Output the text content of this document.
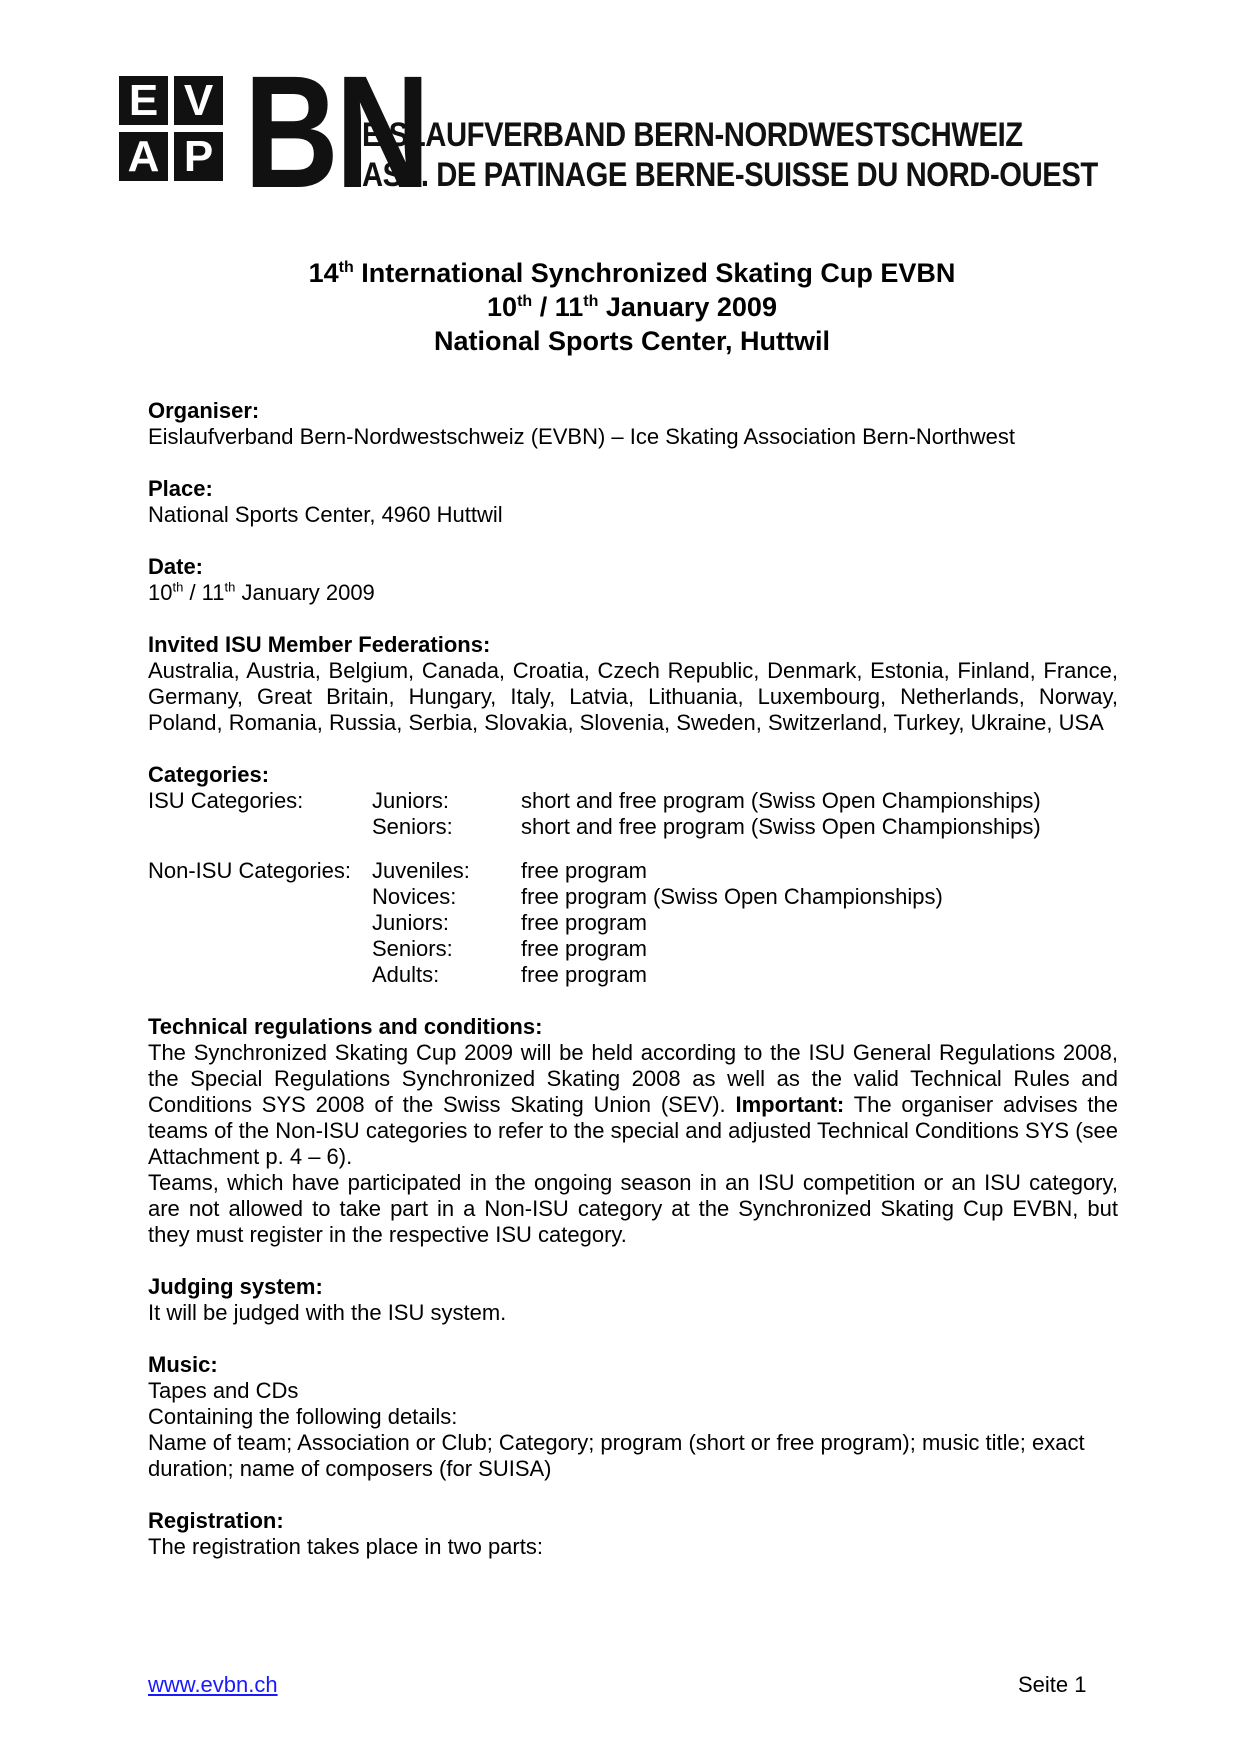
E V
A P BN
EISLAUFVERBAND BERN-NORDWESTSCHWEIZ
ASS. DE PATINAGE BERNE-SUISSE DU NORD-OUEST
14th International Synchronized Skating Cup EVBN
10th / 11th January 2009
National Sports Center, Huttwil
Organiser:
Eislaufverband Bern-Nordwestschweiz (EVBN) – Ice Skating Association Bern-Northwest
Place:
National Sports Center, 4960 Huttwil
Date:
10th / 11th January 2009
Invited ISU Member Federations:
Australia, Austria, Belgium, Canada, Croatia, Czech Republic, Denmark, Estonia, Finland, France, Germany, Great Britain, Hungary, Italy, Latvia, Lithuania, Luxembourg, Netherlands, Norway, Poland, Romania, Russia, Serbia, Slovakia, Slovenia, Sweden, Switzerland, Turkey, Ukraine, USA
Categories:
ISU Categories:	Juniors:	short and free program (Swiss Open Championships)
Seniors:	short and free program (Swiss Open Championships)
Non-ISU Categories: Juveniles:	free program
Novices:	free program (Swiss Open Championships)
Juniors:	free program
Seniors:	free program
Adults:	free program
Technical regulations and conditions:
The Synchronized Skating Cup 2009 will be held according to the ISU General Regulations 2008, the Special Regulations Synchronized Skating 2008 as well as the valid Technical Rules and Conditions SYS 2008 of the Swiss Skating Union (SEV). Important: The organiser advises the teams of the Non-ISU categories to refer to the special and adjusted Technical Conditions SYS (see Attachment p. 4 – 6).
Teams, which have participated in the ongoing season in an ISU competition or an ISU category, are not allowed to take part in a Non-ISU category at the Synchronized Skating Cup EVBN, but they must register in the respective ISU category.
Judging system:
It will be judged with the ISU system.
Music:
Tapes and CDs
Containing the following details:
Name of team; Association or Club; Category; program (short or free program); music title; exact duration; name of composers (for SUISA)
Registration:
The registration takes place in two parts:
www.evbn.ch	Seite 1
